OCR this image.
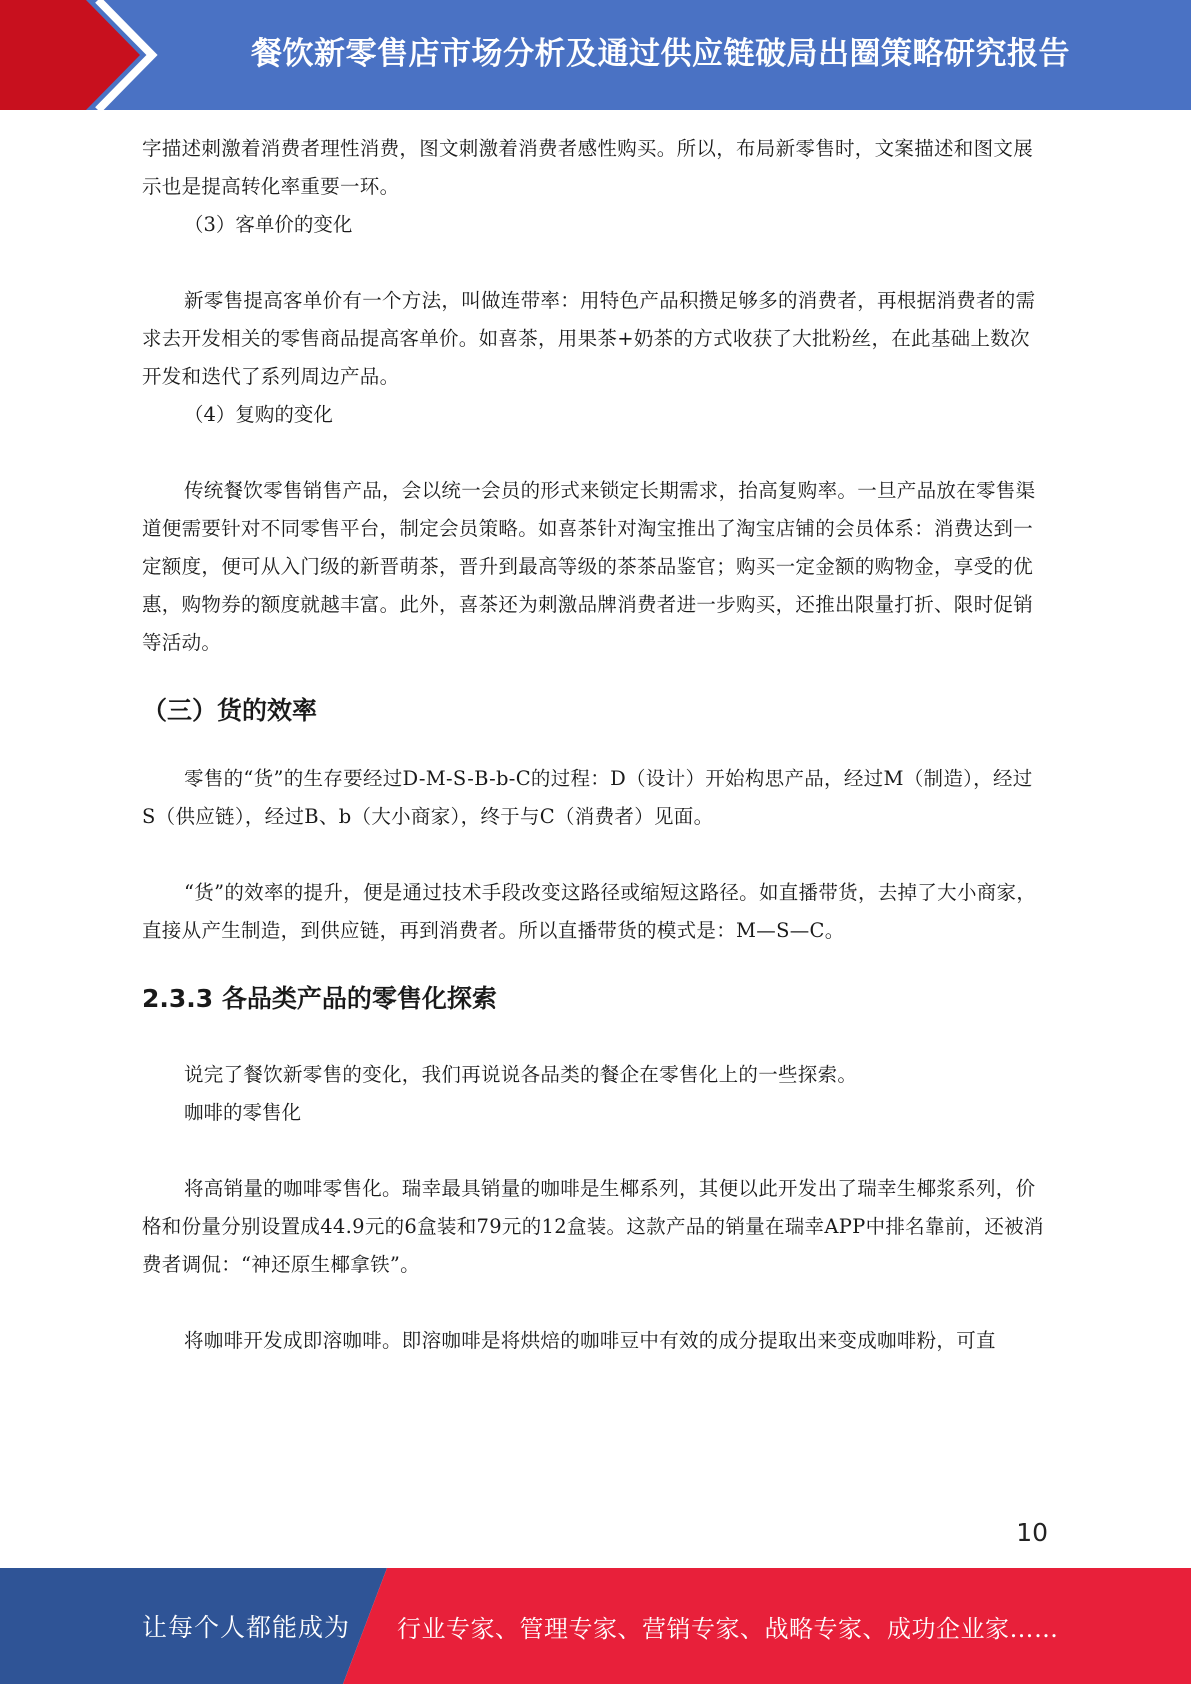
餐饮新零售店市场分析及通过供应链破局出圈策略研究报告

字描述刺激着消费者理性消费，图文刺激着消费者感性购买。所以，布局新零售时，文案描述和图文展示也是提高转化率重要一环。

（3）客单价的变化

新零售提高客单价有一个方法，叫做连带率：用特色产品积攒足够多的消费者，再根据消费者的需求去开发相关的零售商品提高客单价。如喜茶，用果茶+奶茶的方式收获了大批粉丝，在此基础上数次开发和迭代了系列周边产品。

（4）复购的变化

传统餐饮零售销售产品，会以统一会员的形式来锁定长期需求，抬高复购率。一旦产品放在零售渠道便需要针对不同零售平台，制定会员策略。如喜茶针对淘宝推出了淘宝店铺的会员体系：消费达到一定额度，便可从入门级的新晋萌茶，晋升到最高等级的茶茶品鉴官；购买一定金额的购物金，享受的优惠，购物券的额度就越丰富。此外，喜茶还为刺激品牌消费者进一步购买，还推出限量打折、限时促销等活动。

（三）货的效率

零售的“货”的生存要经过D-M-S-B-b-C的过程：D（设计）开始构思产品，经过M（制造），经过S（供应链），经过B、b（大小商家），终于与C（消费者）见面。

“货”的效率的提升，便是通过技术手段改变这路径或缩短这路径。如直播带货，去掉了大小商家，直接从产生制造，到供应链，再到消费者。所以直播带货的模式是：M—S—C。

2.3.3 各品类产品的零售化探索

说完了餐饮新零售的变化，我们再说说各品类的餐企在零售化上的一些探索。

咖啡的零售化

将高销量的咖啡零售化。瑞幸最具销量的咖啡是生椰系列，其便以此开发出了瑞幸生椰浆系列，价格和份量分别设置成44.9元的6盒装和79元的12盒装。这款产品的销量在瑞幸APP中排名靠前，还被消费者调侃：“神还原生椰拿铁”。

将咖啡开发成即溶咖啡。即溶咖啡是将烘焙的咖啡豆中有效的成分提取出来变成咖啡粉，可直

10
让每个人都能成为 行业专家、管理专家、营销专家、战略专家、成功企业家……
